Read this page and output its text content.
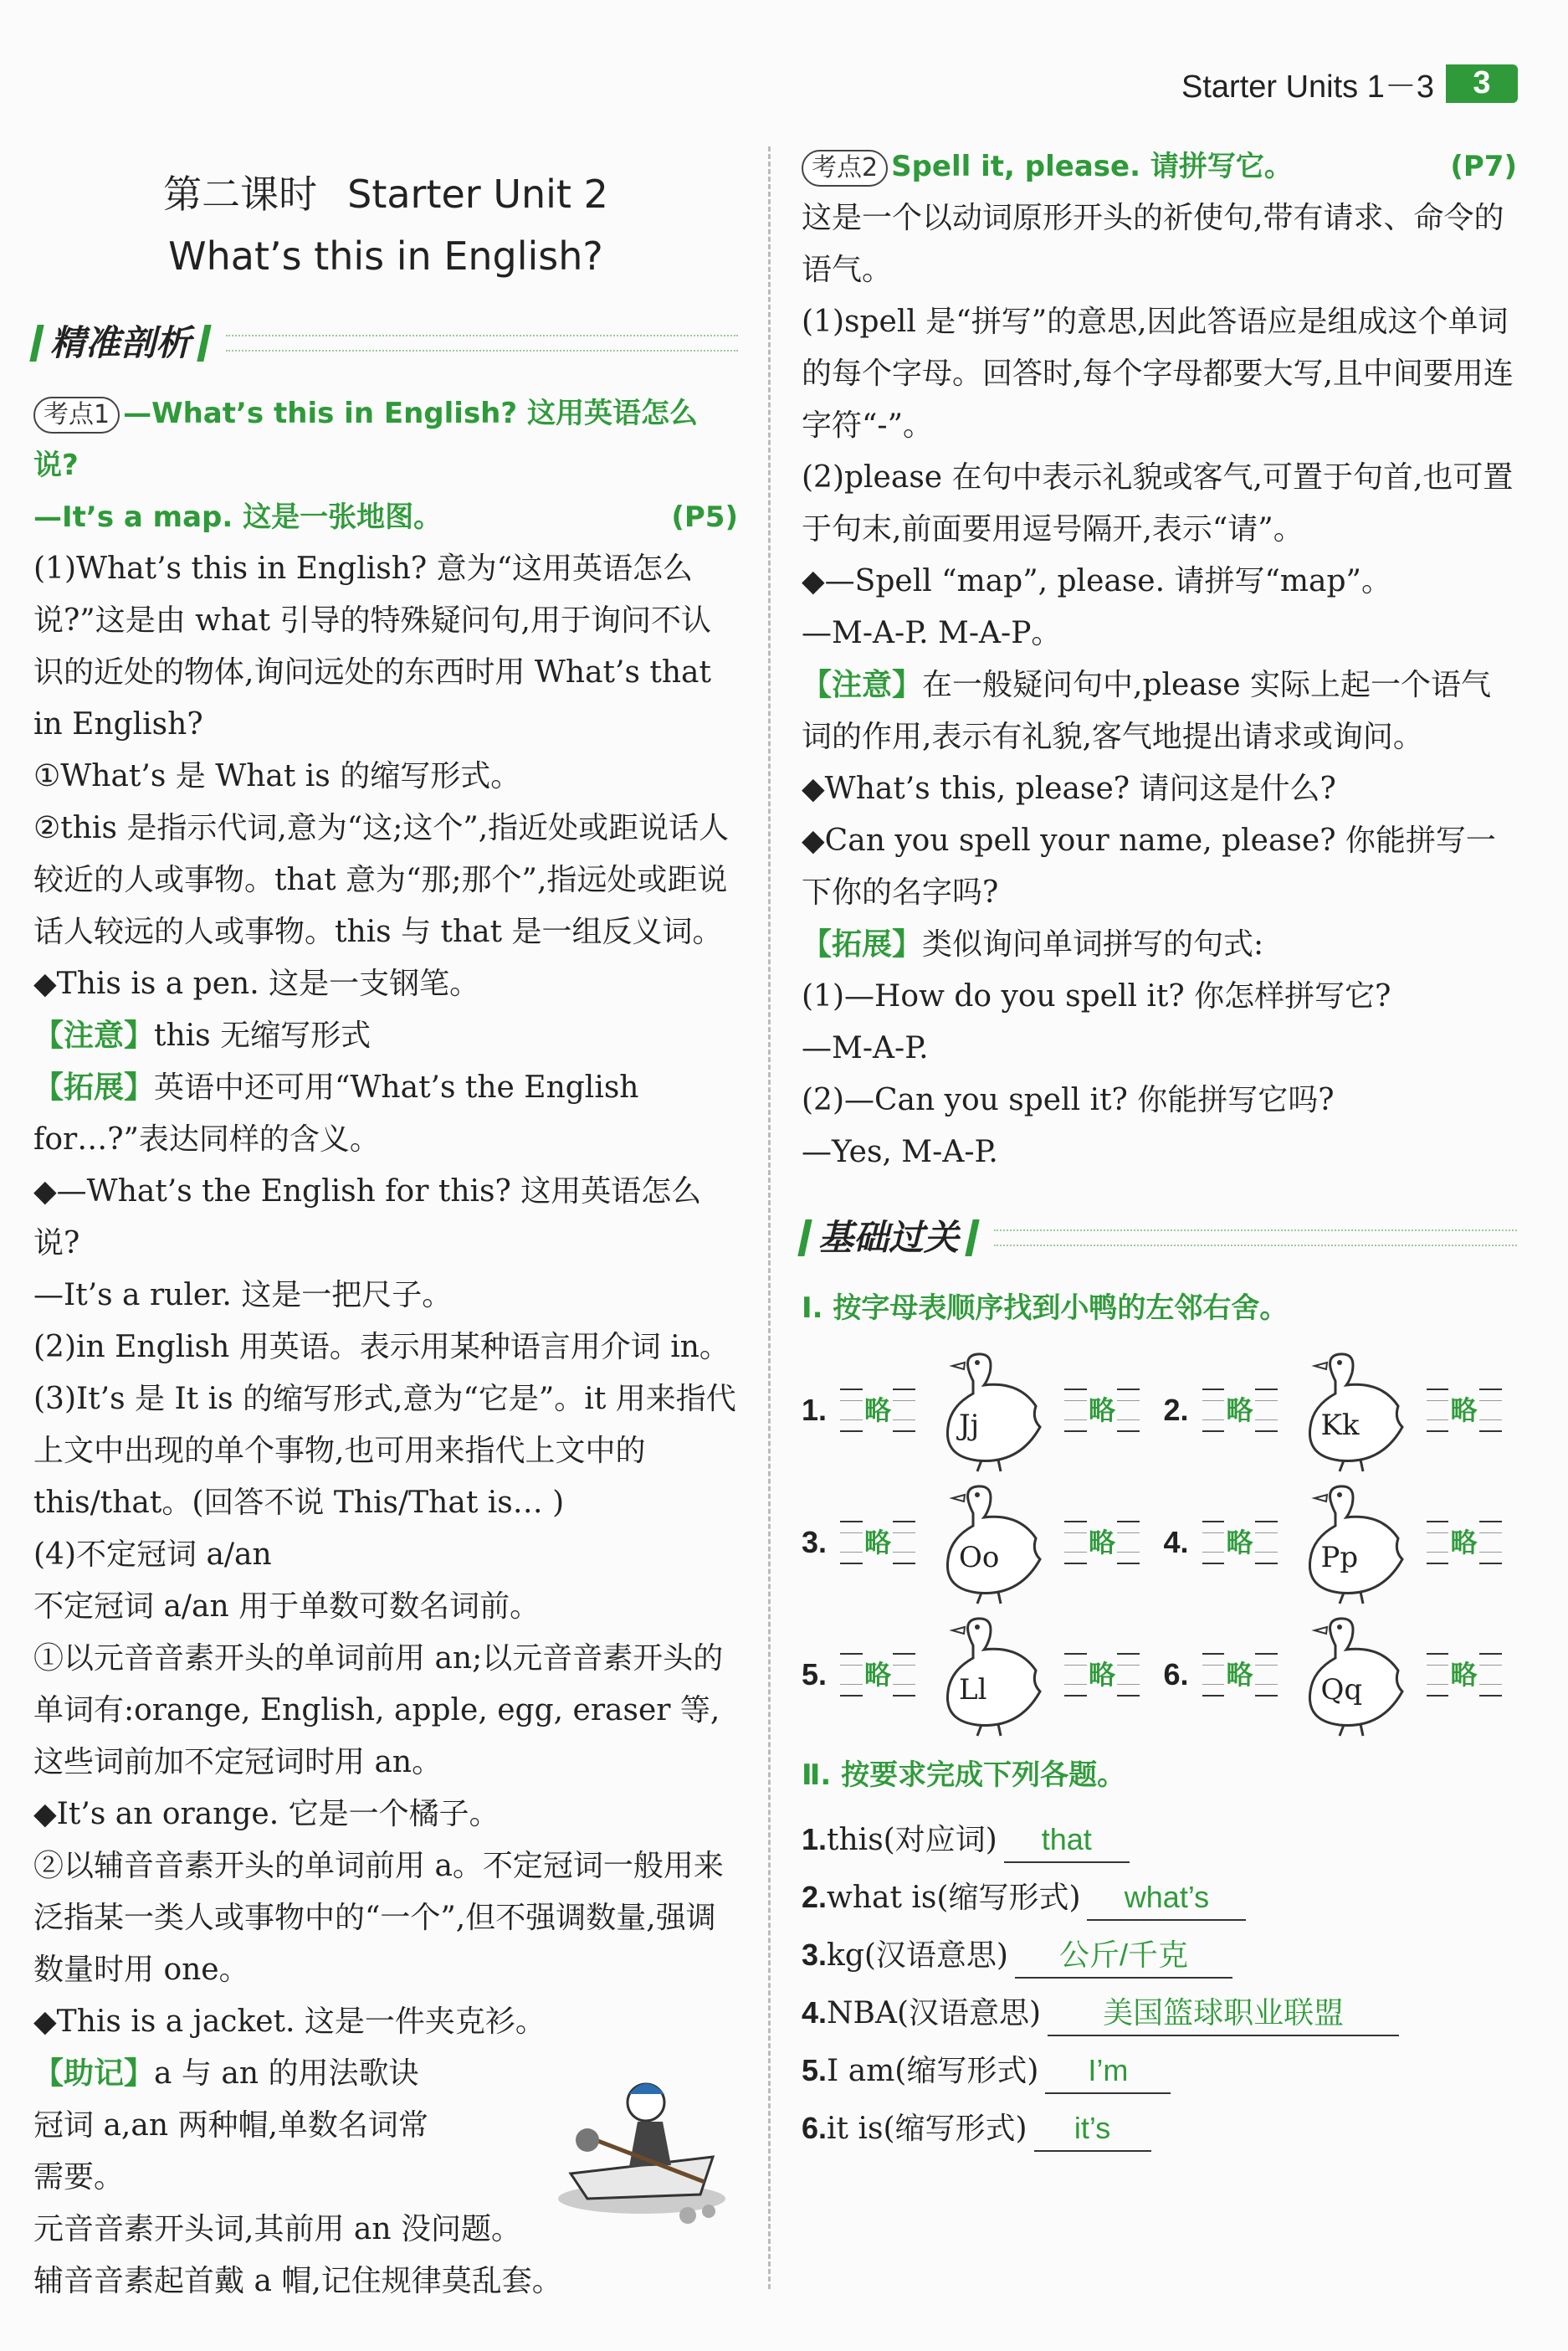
Starter Units 1－3	3
第二课时 Starter Unit 2
What’s this in English?
精准剖析
考点1 —What’s this in English? 这用英语怎么说?
—It’s a map. 这是一张地图。	(P5)

(1)What’s this in English? 意为“这用英语怎么说?”这是由 what 引导的特殊疑问句,用于询问不认识的近处的物体,询问远处的东西时用 What’s that in English?

①What’s 是 What is 的缩写形式。

②this 是指示代词,意为“这;这个”,指近处或距说话人较近的人或事物。that 意为“那;那个”,指远处或距说话人较远的人或事物。this 与 that 是一组反义词。

◆This is a pen. 这是一支钢笔。

【注意】this 无缩写形式

【拓展】英语中还可用“What’s the English for…?”表达同样的含义。

◆—What’s the English for this? 这用英语怎么说?

—It’s a ruler. 这是一把尺子。

(2)in English 用英语。表示用某种语言用介词 in。

(3)It’s 是 It is 的缩写形式,意为“它是”。it 用来指代上文中出现的单个事物,也可用来指代上文中的 this/that。(回答不说 This/That is… )

(4)不定冠词 a/an

不定冠词 a/an 用于单数可数名词前。

①以元音音素开头的单词前用 an;以元音音素开头的单词有:orange, English, apple, egg, eraser 等,这些词前加不定冠词时用 an。

◆It’s an orange. 它是一个橘子。

②以辅音音素开头的单词前用 a。不定冠词一般用来泛指某一类人或事物中的“一个”,但不强调数量,强调数量时用 one。

◆This is a jacket. 这是一件夹克衫。

【助记】a 与 an 的用法歌诀

冠词 a,an 两种帽,单数名词常

需要。

元音音素开头词,其前用 an 没问题。

辅音音素起首戴 a 帽,记住规律莫乱套。

考点2 Spell it, please. 请拼写它。	(P7)

这是一个以动词原形开头的祈使句,带有请求、命令的语气。

(1)spell 是“拼写”的意思,因此答语应是组成这个单词的每个字母。回答时,每个字母都要大写,且中间要用连字符“-”。

(2)please 在句中表示礼貌或客气,可置于句首,也可置于句末,前面要用逗号隔开,表示“请”。

◆—Spell “map”, please. 请拼写“map”。

—M-A-P. M-A-P。

【注意】在一般疑问句中,please 实际上起一个语气词的作用,表示有礼貌,客气地提出请求或询问。

◆What’s this, please? 请问这是什么?

◆Can you spell your name, please? 你能拼写一下你的名字吗?

【拓展】类似询问单词拼写的句式:

(1)—How do you spell it? 你怎样拼写它?

—M-A-P.

(2)—Can you spell it? 你能拼写它吗?

—Yes, M-A-P.

基础过关
Ⅰ. 按字母表顺序找到小鸭的左邻右舍。
1.	略 Jj	略 2.	略 Kk	略
3.	略 Oo	略 4.	略 Pp	略
5.	略 Ll	略 6.	略 Qq	略
Ⅱ. 按要求完成下列各题。
1. this(对应词)	that
2. what is(缩写形式)	what’s
3. kg(汉语意思)	公斤/千克
4. NBA(汉语意思)	美国篮球职业联盟
5. I am(缩写形式)	I’m
6. it is(缩写形式)	it’s
